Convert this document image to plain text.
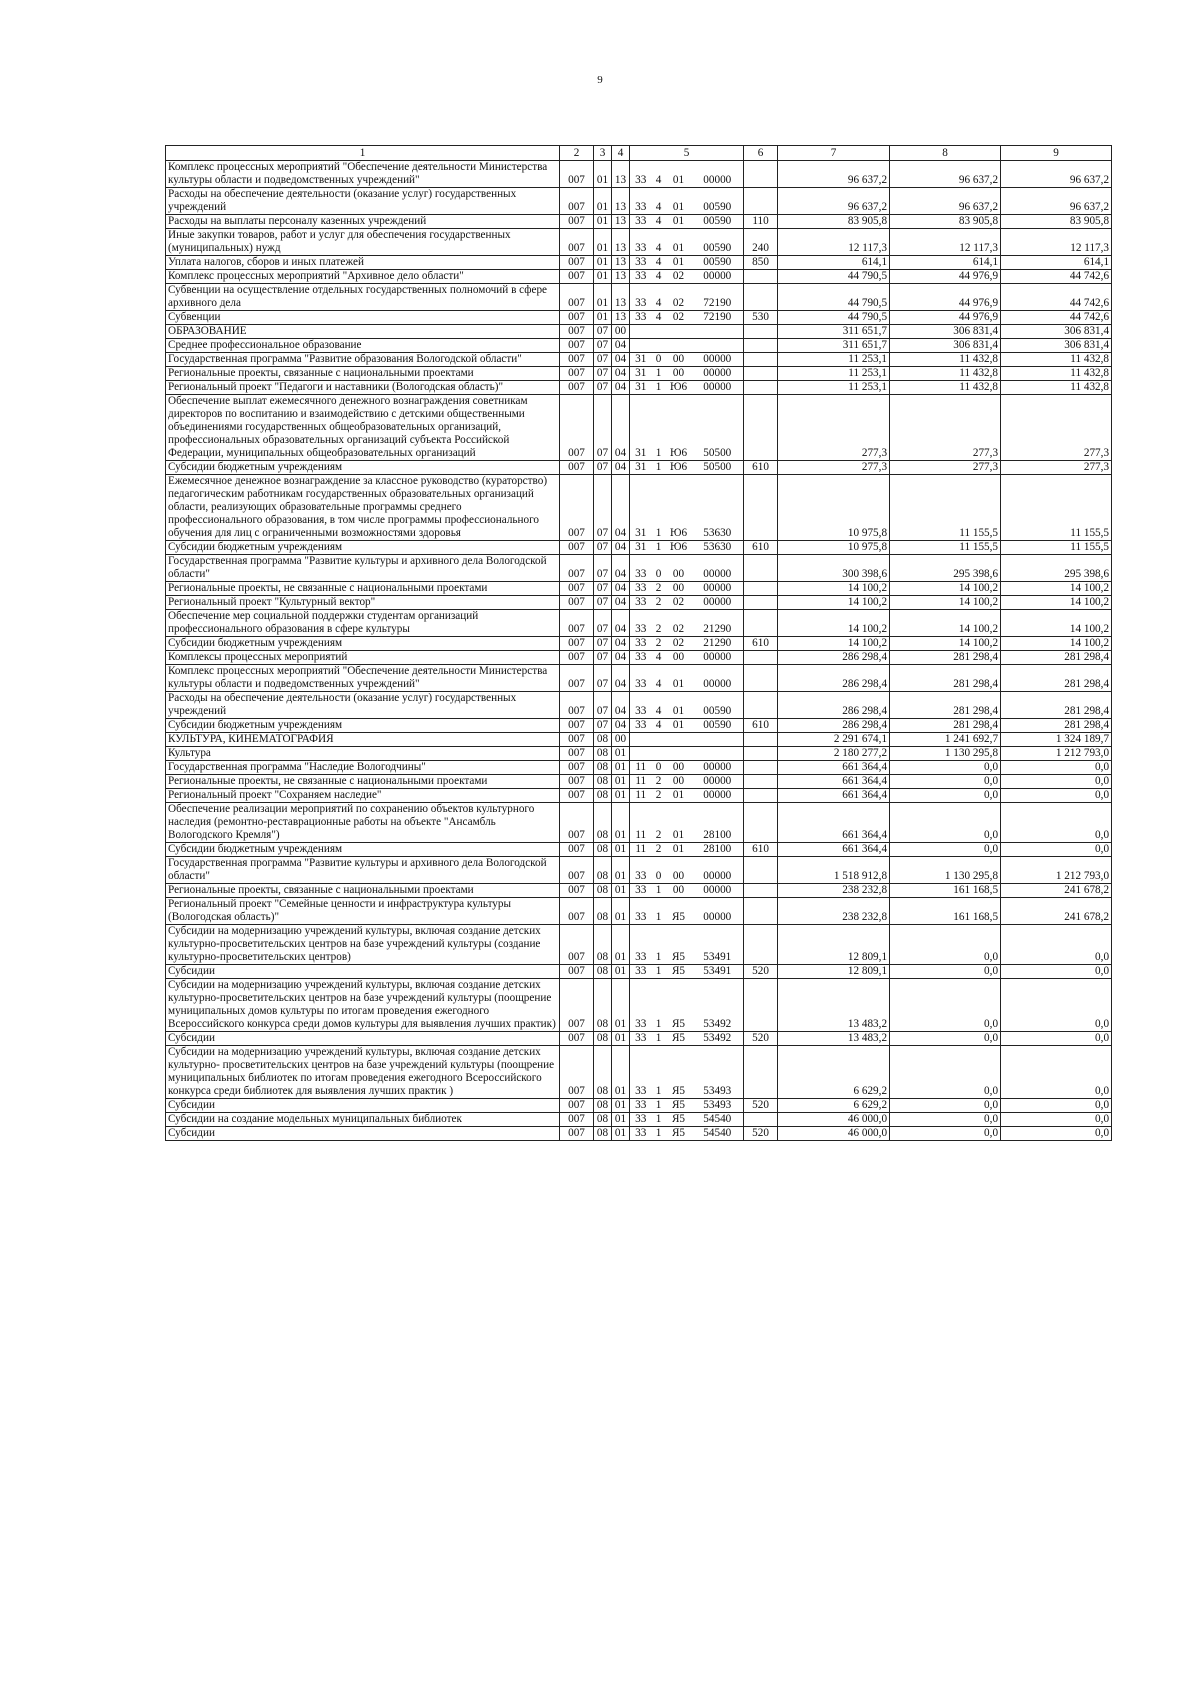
9
1	2	3	4	5				6	7	8	9
Комплекс процессных мероприятий "Обеспечение деятельности Министерства культуры области и подведомственных учреждений"	007	01	13	33	4	01	00000		96 637,2	96 637,2	96 637,2
Расходы на обеспечение деятельности (оказание услуг) государственных учреждений	007	01	13	33	4	01	00590		96 637,2	96 637,2	96 637,2
Расходы на выплаты персоналу казенных учреждений	007	01	13	33	4	01	00590	110	83 905,8	83 905,8	83 905,8
Иные закупки товаров, работ и услуг для обеспечения государственных (муниципальных) нужд	007	01	13	33	4	01	00590	240	12 117,3	12 117,3	12 117,3
Уплата налогов, сборов и иных платежей	007	01	13	33	4	01	00590	850	614,1	614,1	614,1
Комплекс процессных мероприятий "Архивное дело области"	007	01	13	33	4	02	00000		44 790,5	44 976,9	44 742,6
Субвенции на осуществление отдельных государственных полномочий в сфере архивного дела	007	01	13	33	4	02	72190		44 790,5	44 976,9	44 742,6
Субвенции	007	01	13	33	4	02	72190	530	44 790,5	44 976,9	44 742,6
ОБРАЗОВАНИЕ	007	07	00						311 651,7	306 831,4	306 831,4
Среднее профессиональное образование	007	07	04						311 651,7	306 831,4	306 831,4
Государственная программа "Развитие образования Вологодской области"	007	07	04	31	0	00	00000		11 253,1	11 432,8	11 432,8
Региональные проекты, связанные с национальными проектами	007	07	04	31	1	00	00000		11 253,1	11 432,8	11 432,8
Региональный проект "Педагоги и наставники (Вологодская область)"	007	07	04	31	1	Ю6	00000		11 253,1	11 432,8	11 432,8
Обеспечение выплат ежемесячного денежного вознаграждения советникам директоров по воспитанию и взаимодействию с детскими общественными объединениями государственных общеобразовательных организаций, профессиональных образовательных организаций субъекта Российской Федерации, муниципальных общеобразовательных организаций	007	07	04	31	1	Ю6	50500		277,3	277,3	277,3
Субсидии бюджетным учреждениям	007	07	04	31	1	Ю6	50500	610	277,3	277,3	277,3
Ежемесячное денежное вознаграждение за классное руководство (кураторство) педагогическим работникам государственных образовательных организаций области, реализующих образовательные программы среднего профессионального образования, в том числе программы профессионального обучения для лиц с ограниченными возможностями здоровья	007	07	04	31	1	Ю6	53630		10 975,8	11 155,5	11 155,5
Субсидии бюджетным учреждениям	007	07	04	31	1	Ю6	53630	610	10 975,8	11 155,5	11 155,5
Государственная программа "Развитие культуры и архивного дела Вологодской области"	007	07	04	33	0	00	00000		300 398,6	295 398,6	295 398,6
Региональные проекты, не связанные с национальными проектами	007	07	04	33	2	00	00000		14 100,2	14 100,2	14 100,2
Региональный проект "Культурный вектор"	007	07	04	33	2	02	00000		14 100,2	14 100,2	14 100,2
Обеспечение мер социальной поддержки студентам организаций профессионального образования в сфере культуры	007	07	04	33	2	02	21290		14 100,2	14 100,2	14 100,2
Субсидии бюджетным учреждениям	007	07	04	33	2	02	21290	610	14 100,2	14 100,2	14 100,2
Комплексы процессных мероприятий	007	07	04	33	4	00	00000		286 298,4	281 298,4	281 298,4
Комплекс процессных мероприятий "Обеспечение деятельности Министерства культуры области и подведомственных учреждений"	007	07	04	33	4	01	00000		286 298,4	281 298,4	281 298,4
Расходы на обеспечение деятельности (оказание услуг) государственных учреждений	007	07	04	33	4	01	00590		286 298,4	281 298,4	281 298,4
Субсидии бюджетным учреждениям	007	07	04	33	4	01	00590	610	286 298,4	281 298,4	281 298,4
КУЛЬТУРА, КИНЕМАТОГРАФИЯ	007	08	00						2 291 674,1	1 241 692,7	1 324 189,7
Культура	007	08	01						2 180 277,2	1 130 295,8	1 212 793,0
Государственная программа "Наследие Вологодчины"	007	08	01	11	0	00	00000		661 364,4	0,0	0,0
Региональные проекты, не связанные с национальными проектами	007	08	01	11	2	00	00000		661 364,4	0,0	0,0
Региональный проект "Сохраняем наследие"	007	08	01	11	2	01	00000		661 364,4	0,0	0,0
Обеспечение реализации мероприятий по сохранению объектов культурного наследия (ремонтно-реставрационные работы на объекте "Ансамбль Вологодского Кремля")	007	08	01	11	2	01	28100		661 364,4	0,0	0,0
Субсидии бюджетным учреждениям	007	08	01	11	2	01	28100	610	661 364,4	0,0	0,0
Государственная программа "Развитие культуры и архивного дела Вологодской области"	007	08	01	33	0	00	00000		1 518 912,8	1 130 295,8	1 212 793,0
Региональные проекты, связанные с национальными проектами	007	08	01	33	1	00	00000		238 232,8	161 168,5	241 678,2
Региональный проект "Семейные ценности и инфраструктура культуры (Вологодская область)"	007	08	01	33	1	Я5	00000		238 232,8	161 168,5	241 678,2
Субсидии на модернизацию учреждений культуры, включая создание детских культурно-просветительских центров на базе учреждений культуры (создание культурно-просветительских центров)	007	08	01	33	1	Я5	53491		12 809,1	0,0	0,0
Субсидии	007	08	01	33	1	Я5	53491	520	12 809,1	0,0	0,0
Субсидии на модернизацию учреждений культуры, включая создание детских культурно-просветительских центров на базе учреждений культуры (поощрение муниципальных домов культуры по итогам проведения ежегодного Всероссийского конкурса среди домов культуры для выявления лучших практик)	007	08	01	33	1	Я5	53492		13 483,2	0,0	0,0
Субсидии	007	08	01	33	1	Я5	53492	520	13 483,2	0,0	0,0
Субсидии на модернизацию учреждений культуры, включая создание детских культурно- просветительских центров на базе учреждений культуры (поощрение муниципальных библиотек по итогам проведения ежегодного Всероссийского конкурса среди библиотек для выявления лучших практик )	007	08	01	33	1	Я5	53493		6 629,2	0,0	0,0
Субсидии	007	08	01	33	1	Я5	53493	520	6 629,2	0,0	0,0
Субсидии на создание модельных муниципальных библиотек	007	08	01	33	1	Я5	54540		46 000,0	0,0	0,0
Субсидии	007	08	01	33	1	Я5	54540	520	46 000,0	0,0	0,0
